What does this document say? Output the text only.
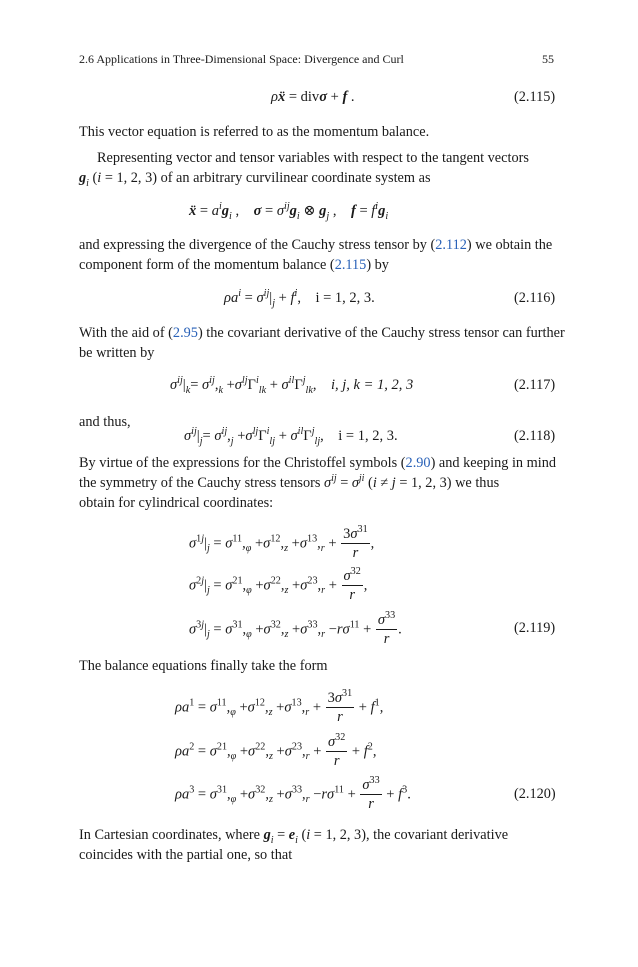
2.6 Applications in Three-Dimensional Space: Divergence and Curl	55
ρẍ = divσ + f .	(2.115)
This vector equation is referred to as the momentum balance.
Representing vector and tensor variables with respect to the tangent vectors
$g_i$ (i = 1, 2, 3) of an arbitrary curvilinear coordinate system as
ẍ = $a^ig_i$ ,    $\sigma = \sigma^{ij}g_i$ ⊗ $g_j$ ,    $f = f^ig_i$
and expressing the divergence of the Cauchy stress tensor by (2.112) we obtain the
component form of the momentum balance (2.115) by
$\rho a^i = \sigma^{ij}|_j + f^i$,    i = 1, 2, 3.	(2.116)
With the aid of (2.95) the covariant derivative of the Cauchy stress tensor can further
be written by
$\sigma^{ij}|_k= \sigma^{ij},_k +\sigma^{lj}\Gamma^i_{lk} + \sigma^{il}\Gamma^j_{lk}$,    i, j, k = 1, 2, 3	(2.117)
and thus,
$\sigma^{ij}|_j= \sigma^{ij},_j +\sigma^{lj}\Gamma^i_{lj} + \sigma^{il}\Gamma^j_{lj}$,    i = 1, 2, 3.	(2.118)
By virtue of the expressions for the Christoffel symbols (2.90) and keeping in mind
the symmetry of the Cauchy stress tensors $\sigma^{ij} = \sigma^{ji}$ (i ≠ j = 1, 2, 3) we thus
obtain for cylindrical coordinates:
$\sigma^{1j}|_j = \sigma^{11},_\varphi +\sigma^{12},_z +\sigma^{13},_r + \frac{3\sigma^{31}}{r}$ ,
$\sigma^{2j}|_j = \sigma^{21},_\varphi +\sigma^{22},_z +\sigma^{23},_r + \frac{\sigma^{32}}{r}$ ,
$\sigma^{3j}|_j = \sigma^{31},_\varphi +\sigma^{32},_z +\sigma^{33},_r -r\sigma^{11} + \frac{\sigma^{33}}{r}$ .	(2.119)
The balance equations finally take the form
$\rho a^1 = \sigma^{11},_\varphi +\sigma^{12},_z +\sigma^{13},_r + \frac{3\sigma^{31}}{r} + f^1$,
$\rho a^2 = \sigma^{21},_\varphi +\sigma^{22},_z +\sigma^{23},_r + \frac{\sigma^{32}}{r} + f^2$,
$\rho a^3 = \sigma^{31},_\varphi +\sigma^{32},_z +\sigma^{33},_r -r\sigma^{11} + \frac{\sigma^{33}}{r} + f^3$.	(2.120)
In Cartesian coordinates, where $g_i = e_i$ (i = 1, 2, 3), the covariant derivative
coincides with the partial one, so that
